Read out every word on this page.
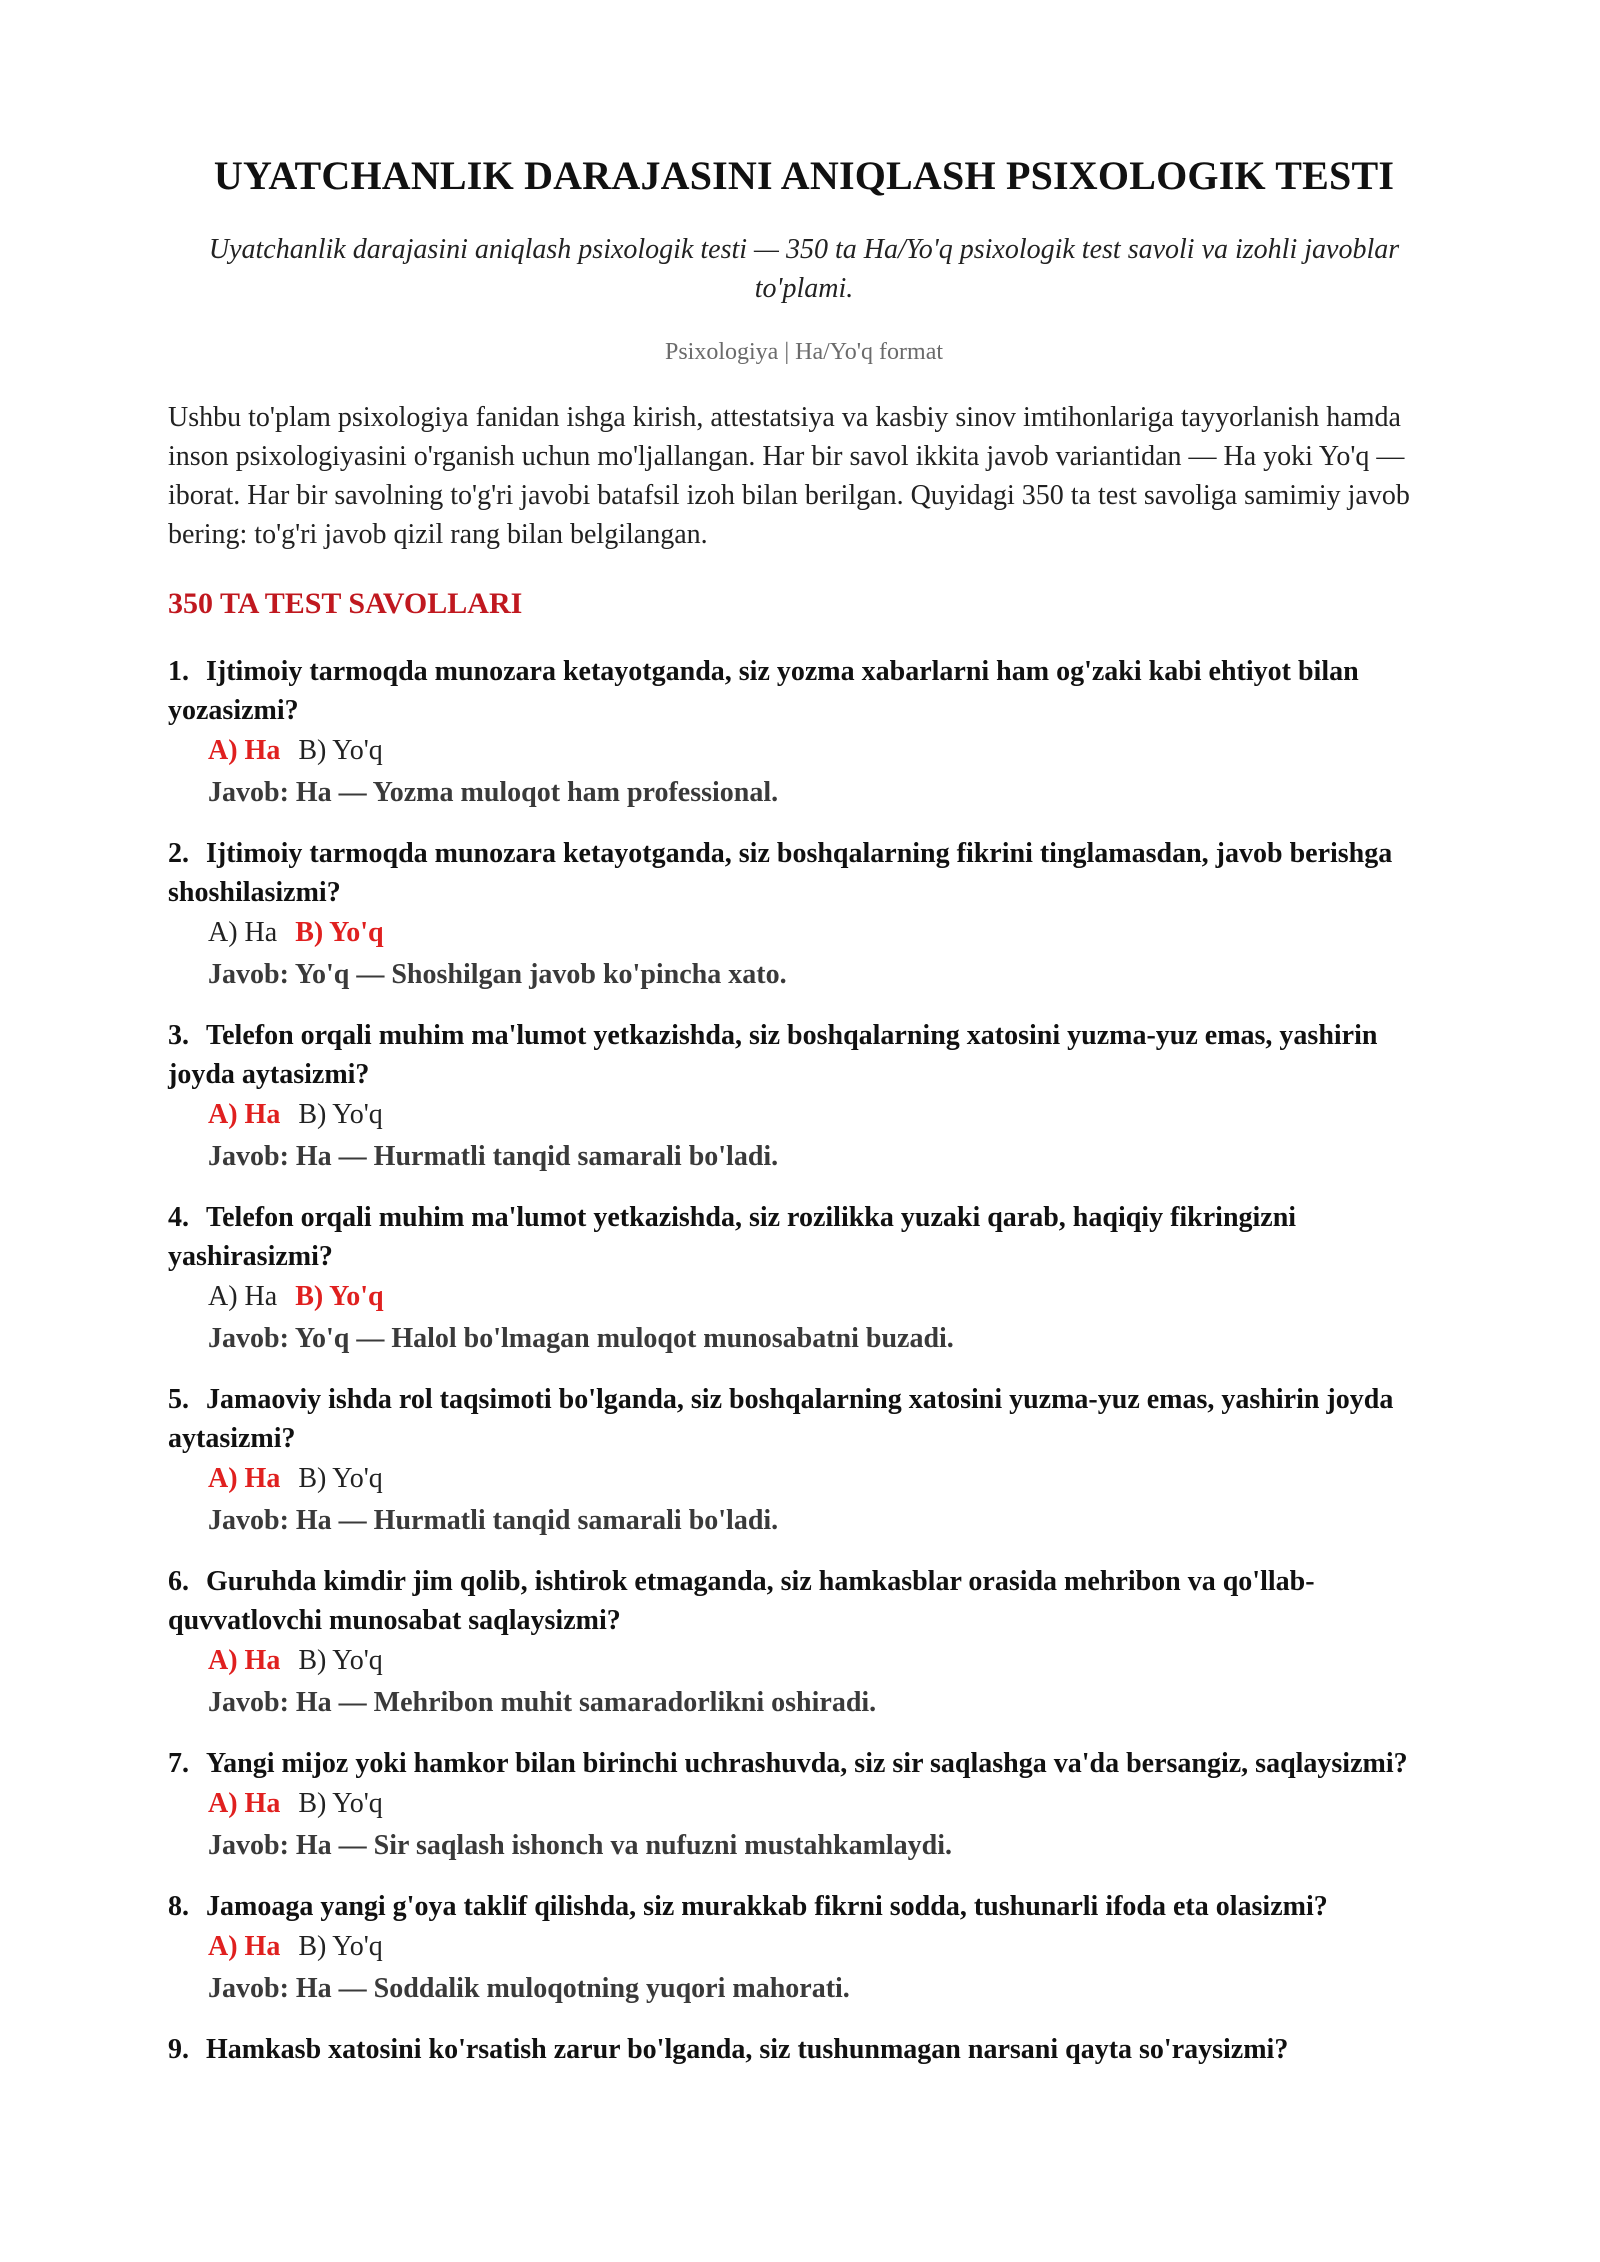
UYATCHANLIK DARAJASINI ANIQLASH PSIXOLOGIK TESTI

Uyatchanlik darajasini aniqlash psixologik testi — 350 ta Ha/Yo'q psixologik test savoli va izohli javoblar to'plami.

Psixologiya | Ha/Yo'q format

Ushbu to'plam psixologiya fanidan ishga kirish, attestatsiya va kasbiy sinov imtihonlariga tayyorlanish hamda inson psixologiyasini o'rganish uchun mo'ljallangan. Har bir savol ikkita javob variantidan — Ha yoki Yo'q — iborat. Har bir savolning to'g'ri javobi batafsil izoh bilan berilgan. Quyidagi 350 ta test savoliga samimiy javob bering: to'g'ri javob qizil rang bilan belgilangan.

350 TA TEST SAVOLLARI
1. Ijtimoiy tarmoqda munozara ketayotganda, siz yozma xabarlarni ham og'zaki kabi ehtiyot bilan yozasizmi?
A) Ha B) Yo'q
Javob: Ha — Yozma muloqot ham professional.
2. Ijtimoiy tarmoqda munozara ketayotganda, siz boshqalarning fikrini tinglamasdan, javob berishga shoshilasizmi?
A) Ha B) Yo'q
Javob: Yo'q — Shoshilgan javob ko'pincha xato.
3. Telefon orqali muhim ma'lumot yetkazishda, siz boshqalarning xatosini yuzma-yuz emas, yashirin joyda aytasizmi?
A) Ha B) Yo'q
Javob: Ha — Hurmatli tanqid samarali bo'ladi.
4. Telefon orqali muhim ma'lumot yetkazishda, siz rozilikka yuzaki qarab, haqiqiy fikringizni yashirasizmi?
A) Ha B) Yo'q
Javob: Yo'q — Halol bo'lmagan muloqot munosabatni buzadi.
5. Jamaoviy ishda rol taqsimoti bo'lganda, siz boshqalarning xatosini yuzma-yuz emas, yashirin joyda aytasizmi?
A) Ha B) Yo'q
Javob: Ha — Hurmatli tanqid samarali bo'ladi.
6. Guruhda kimdir jim qolib, ishtirok etmaganda, siz hamkasblar orasida mehribon va qo'llab-quvvatlovchi munosabat saqlaysizmi?
A) Ha B) Yo'q
Javob: Ha — Mehribon muhit samaradorlikni oshiradi.
7. Yangi mijoz yoki hamkor bilan birinchi uchrashuvda, siz sir saqlashga va'da bersangiz, saqlaysizmi?
A) Ha B) Yo'q
Javob: Ha — Sir saqlash ishonch va nufuzni mustahkamlaydi.
8. Jamoaga yangi g'oya taklif qilishda, siz murakkab fikrni sodda, tushunarli ifoda eta olasizmi?
A) Ha B) Yo'q
Javob: Ha — Soddalik muloqotning yuqori mahorati.
9. Hamkasb xatosini ko'rsatish zarur bo'lganda, siz tushunmagan narsani qayta so'raysizmi?
